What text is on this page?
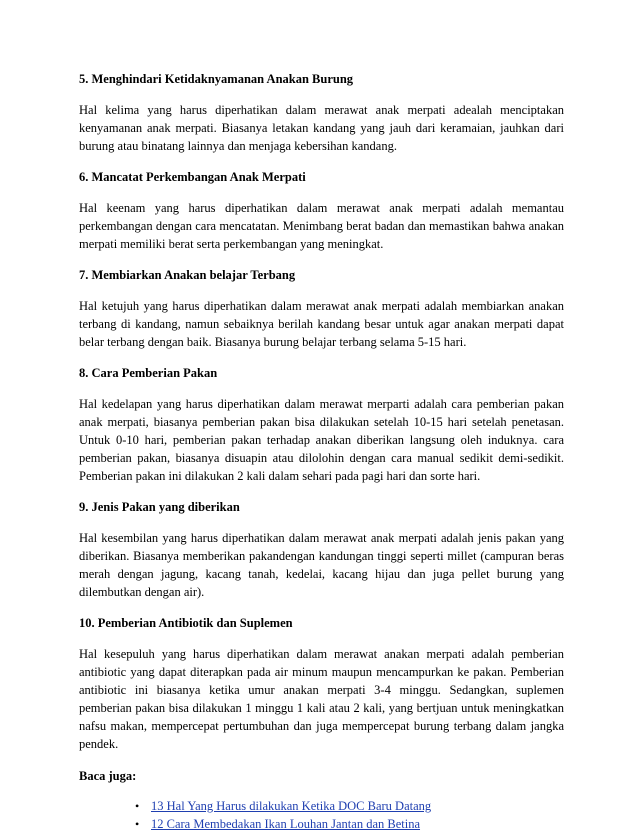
5. Menghindari Ketidaknyamanan Anakan Burung

Hal kelima yang harus diperhatikan dalam merawat anak merpati adealah menciptakan kenyamanan anak merpati. Biasanya letakan kandang yang jauh dari keramaian, jauhkan dari burung atau binatang lainnya dan menjaga kebersihan kandang.

6. Mancatat Perkembangan Anak Merpati

Hal keenam yang harus diperhatikan dalam merawat anak merpati adalah memantau perkembangan dengan cara mencatatan. Menimbang berat badan dan memastikan bahwa anakan merpati memiliki berat serta perkembangan yang meningkat.

7. Membiarkan Anakan belajar Terbang

Hal ketujuh yang harus diperhatikan dalam merawat anak merpati adalah membiarkan anakan terbang di kandang, namun sebaiknya berilah kandang besar untuk agar anakan merpati dapat belar terbang dengan baik. Biasanya burung belajar terbang selama 5-15 hari.

8. Cara Pemberian Pakan

Hal kedelapan yang harus diperhatikan dalam merawat merparti adalah cara pemberian pakan anak merpati, biasanya pemberian pakan bisa dilakukan setelah 10-15 hari setelah penetasan. Untuk 0-10 hari, pemberian pakan terhadap anakan diberikan langsung oleh induknya. cara pemberian pakan, biasanya disuapin atau dilolohin dengan cara manual sedikit demi-sedikit. Pemberian pakan ini dilakukan 2 kali dalam sehari pada pagi hari dan sorte hari.

9. Jenis Pakan yang diberikan

Hal kesembilan yang harus diperhatikan dalam merawat anak merpati adalah jenis pakan yang diberikan. Biasanya memberikan pakandengan kandungan tinggi seperti millet (campuran beras merah dengan jagung, kacang tanah, kedelai, kacang hijau dan juga pellet burung yang dilembutkan dengan air).

10. Pemberian Antibiotik dan Suplemen

Hal kesepuluh yang harus diperhatikan dalam merawat anakan merpati adalah pemberian antibiotic yang dapat diterapkan pada air minum maupun mencampurkan ke pakan. Pemberian antibiotic ini biasanya ketika umur anakan merpati 3-4 minggu. Sedangkan, suplemen pemberian pakan bisa dilakukan 1 minggu 1 kali atau 2 kali, yang bertjuan untuk meningkatkan nafsu makan, mempercepat pertumbuhan dan juga mempercepat burung terbang dalam jangka pendek.

Baca juga:

• 13 Hal Yang Harus dilakukan Ketika DOC Baru Datang
• 12 Cara Membedakan Ikan Louhan Jantan dan Betina
